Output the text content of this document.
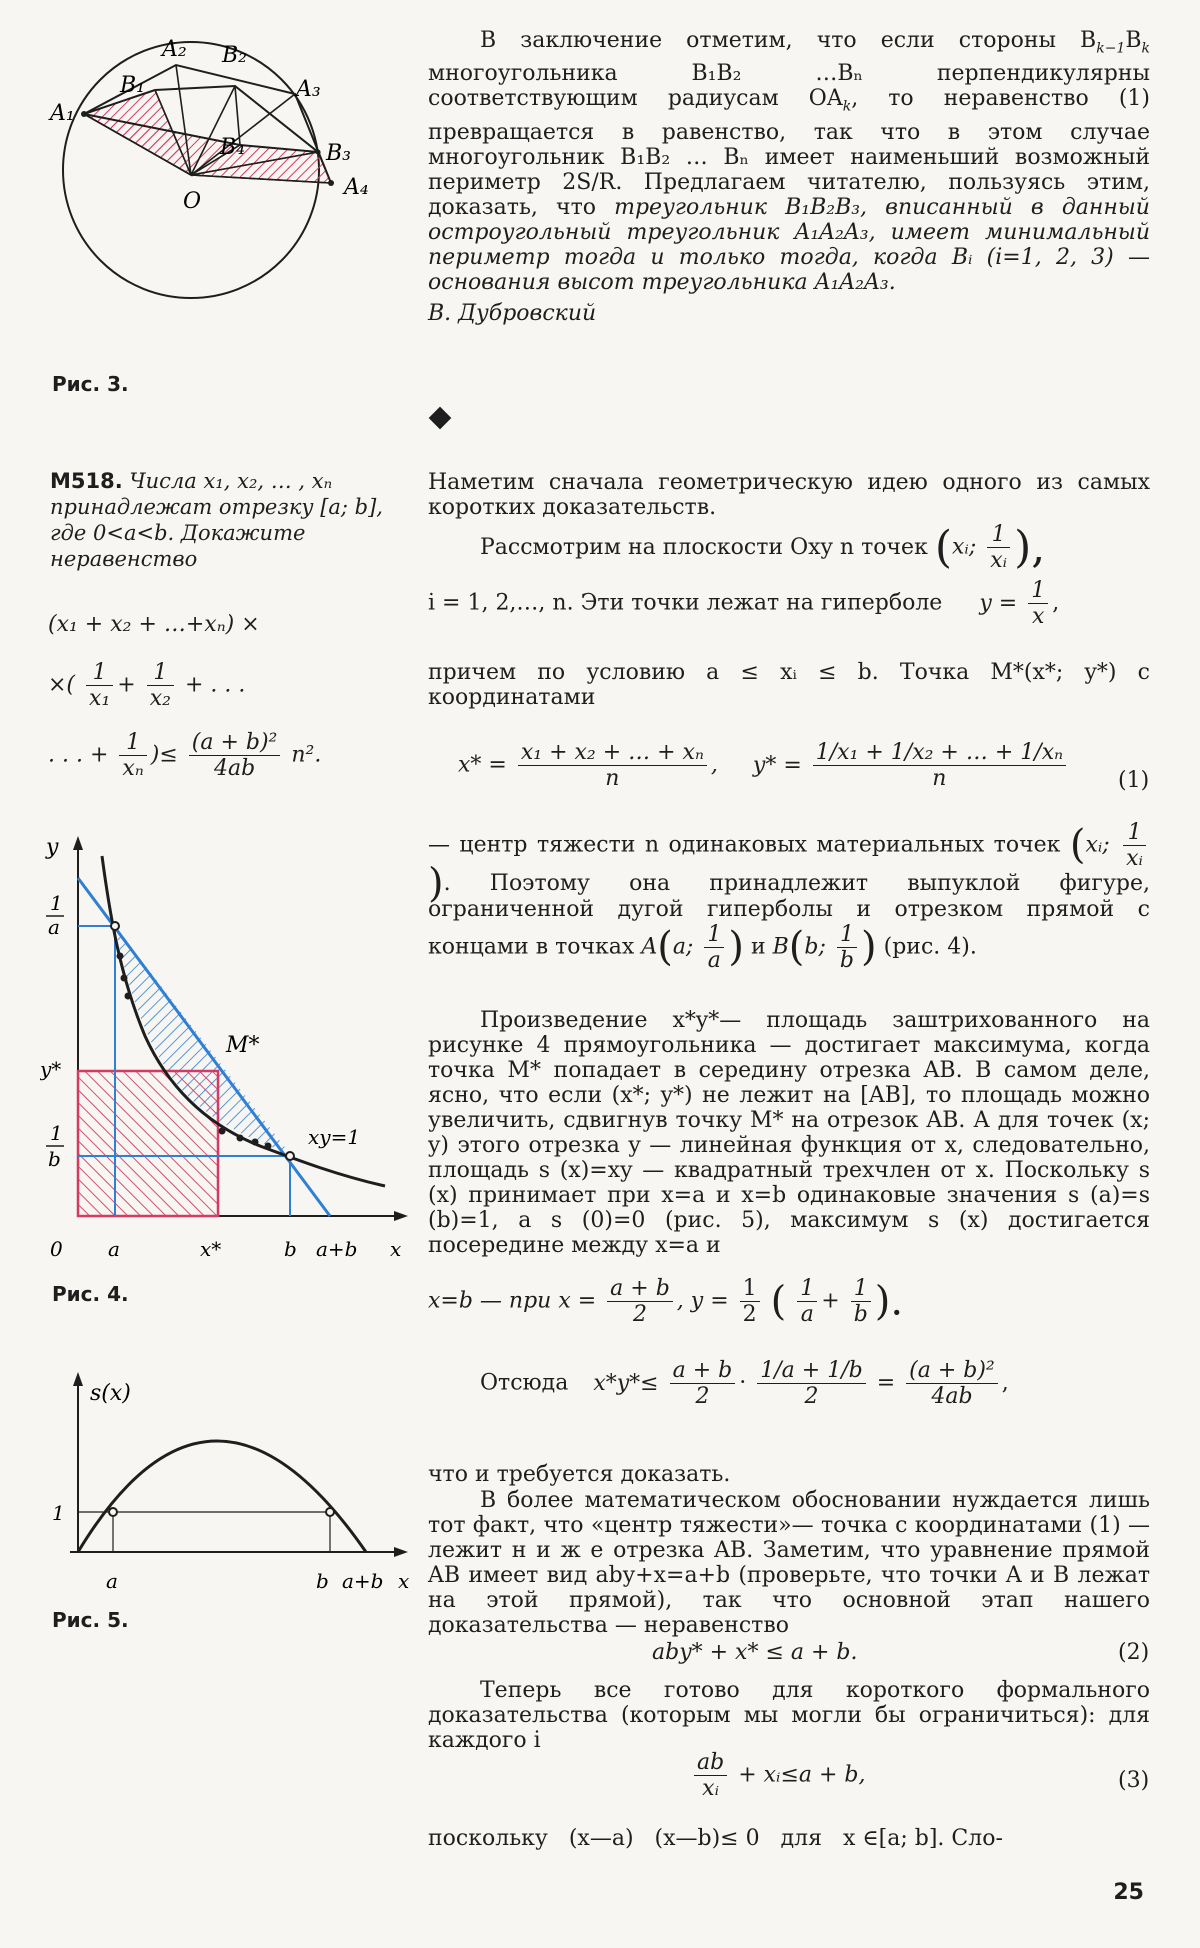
A₁
A₂
B₁
B₂
A₃
B₄	B₃
A₄
O
Рис. 3.

В заключение отметим, что если стороны $B_{k-1}B_k$ многоугольника B₁B₂ …Bₙ перпендикулярны соответствующим радиусам $OA_k$, то неравенство (1) превращается в равенство, так что в этом случае многоугольник B₁B₂ … Bₙ имеет наименьший возможный периметр 2S/R. Предлагаем читателю, пользуясь этим, доказать, что треугольник B₁B₂B₃, вписанный в данный остроугольный треугольник A₁A₂A₃, имеет минимальный периметр тогда и только тогда, когда Bᵢ (i=1, 2, 3) — основания высот треугольника A₁A₂A₃.

В. Дубровский

М518. Числа x₁, x₂, … , xₙ принадлежат отрезку [a; b], где 0<a<b. Докажите неравенство
(x₁ + x₂ + …+xₙ) ×
×( $\frac{1}{\text{x₁}} + \frac{1}{\text{x₂}}$ + . . .
. . . + $\frac{1}{\text{xₙ}}$ )≤ $\frac{\text{(a + b)²}}{4ab} n^2$.
y
1
a
y*
1
b
0 a	x*	b a+b x
M*
xy=1
Рис. 4.
s(x)
1
a	b a+b x
Рис. 5.

Наметим сначала геометрическую идею одного из самых коротких доказательств.

Рассмотрим на плоскости Oxy n точек (xᵢ; $\frac{1}{\text{xᵢ}}$ ),
i = 1, 2,…, n. Эти точки лежат на гиперболе $y = \frac{1}{x}$ ,

причем по условию a ≤ xᵢ ≤ b. Точка M*(x*; y*) с координатами

$x* = \frac{\text{x₁ + x₂ + … + xₙ}}{n}$ , $y* = \frac{\text{1/x₁ + 1/x₂ + … + 1/xₙ}}{n} (1)$

— центр тяжести n одинаковых материальных точек (xᵢ; $\frac{1}{\text{xᵢ}}$
). Поэтому она принадлежит выпуклой фигуре, ограниченной дугой гиперболы и отрезком прямой с концами в точках A(a; $\frac{1}{a}$ ) и B(b; $\frac{1}{b}$ ) (рис. 4).

Произведение x*y*— площадь заштрихованного на рисунке 4 прямоугольника — достигает максимума, когда точка M* попадает в середину отрезка AB. В самом деле, ясно, что если (x*; y*) не лежит на [AB], то площадь можно увеличить, сдвигнув точку M* на отрезок AB. А для точек (x; y) этого отрезка y — линейная функция от x, следовательно, площадь s (x)=xy — квадратный трехчлен от x. Поскольку s (x) принимает при x=a и x=b одинаковые значения s (a)=s (b)=1, а s (0)=0 (рис. 5), максимум s (x) достигается посередине между x=a и

x=b — при $x = \frac{a + b}{2}$ , $y = \frac{1}{2}$ ( $\frac{1}{a} + \frac{1}{b}$ ).
Отсюда $x*y*\le \frac{a + b}{2} \cdot \frac{1/a + 1/b}{2} = \frac{\text{(a + b)²}}{4ab}$ ,

что и требуется доказать.

В более математическом обосновании нуждается лишь тот факт, что «центр тяжести»— точка с координатами (1) — лежит н и ж е отрезка AB. Заметим, что уравнение прямой AB имеет вид aby+x=a+b (проверьте, что точки A и B лежат на этой прямой), так что основной этап нашего доказательства — неравенство

aby* + x* ≤ a + b.	(2)

Теперь все готово для короткого формального доказательства (которым мы могли бы ограничиться): для каждого i

$\frac{ab}{\text{xᵢ}}$ + xᵢ≤a + b,	(3)

поскольку   (x—a)   (x—b)≤ 0   для   x ∈[a; b]. Сло-

25
